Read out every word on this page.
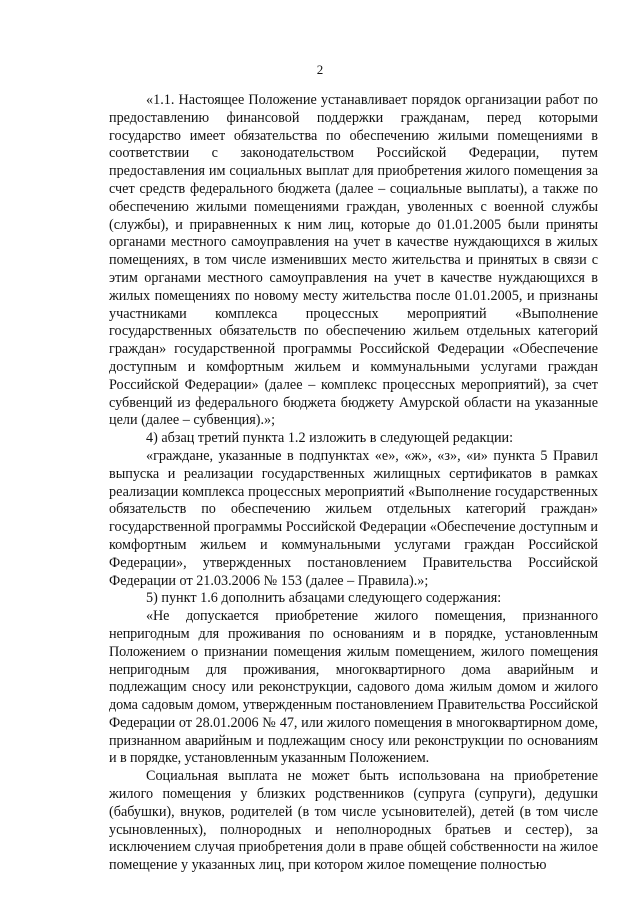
2

«1.1. Настоящее Положение устанавливает порядок организации работ по предоставлению финансовой поддержки гражданам, перед которыми государство имеет обязательства по обеспечению жилыми помещениями в соответствии с законодательством Российской Федерации, путем предоставления им социальных выплат для приобретения жилого помещения за счет средств федерального бюджета (далее – социальные выплаты), а также по обеспечению жилыми помещениями граждан, уволенных с военной службы (службы), и приравненных к ним лиц, которые до 01.01.2005 были приняты органами местного самоуправления на учет в качестве нуждающихся в жилых помещениях, в том числе изменивших место жительства и принятых в связи с этим органами местного самоуправления на учет в качестве нуждающихся в жилых помещениях по новому месту жительства после 01.01.2005, и признаны участниками комплекса процессных мероприятий «Выполнение государственных обязательств по обеспечению жильем отдельных категорий граждан» государственной программы Российской Федерации «Обеспечение доступным и комфортным жильем и коммунальными услугами граждан Российской Федерации» (далее – комплекс процессных мероприятий), за счет субвенций из федерального бюджета бюджету Амурской области на указанные цели (далее – субвенция).»;

4) абзац третий пункта 1.2 изложить в следующей редакции:

«граждане, указанные в подпунктах «е», «ж», «з», «и» пункта 5 Правил выпуска и реализации государственных жилищных сертификатов в рамках реализации комплекса процессных мероприятий «Выполнение государственных обязательств по обеспечению жильем отдельных категорий граждан» государственной программы Российской Федерации «Обеспечение доступным и комфортным жильем и коммунальными услугами граждан Российской Федерации», утвержденных постановлением Правительства Российской Федерации от 21.03.2006 № 153 (далее – Правила).»;

5) пункт 1.6 дополнить абзацами следующего содержания:

«Не допускается приобретение жилого помещения, признанного непригодным для проживания по основаниям и в порядке, установленным Положением о признании помещения жилым помещением, жилого помещения непригодным для проживания, многоквартирного дома аварийным и подлежащим сносу или реконструкции, садового дома жилым домом и жилого дома садовым домом, утвержденным постановлением Правительства Российской Федерации от 28.01.2006 № 47, или жилого помещения в многоквартирном доме, признанном аварийным и подлежащим сносу или реконструкции по основаниям и в порядке, установленным указанным Положением.

Социальная выплата не может быть использована на приобретение жилого помещения у близких родственников (супруга (супруги), дедушки (бабушки), внуков, родителей (в том числе усыновителей), детей (в том числе усыновленных), полнородных и неполнородных братьев и сестер), за исключением случая приобретения доли в праве общей собственности на жилое помещение у указанных лиц, при котором жилое помещение полностью
